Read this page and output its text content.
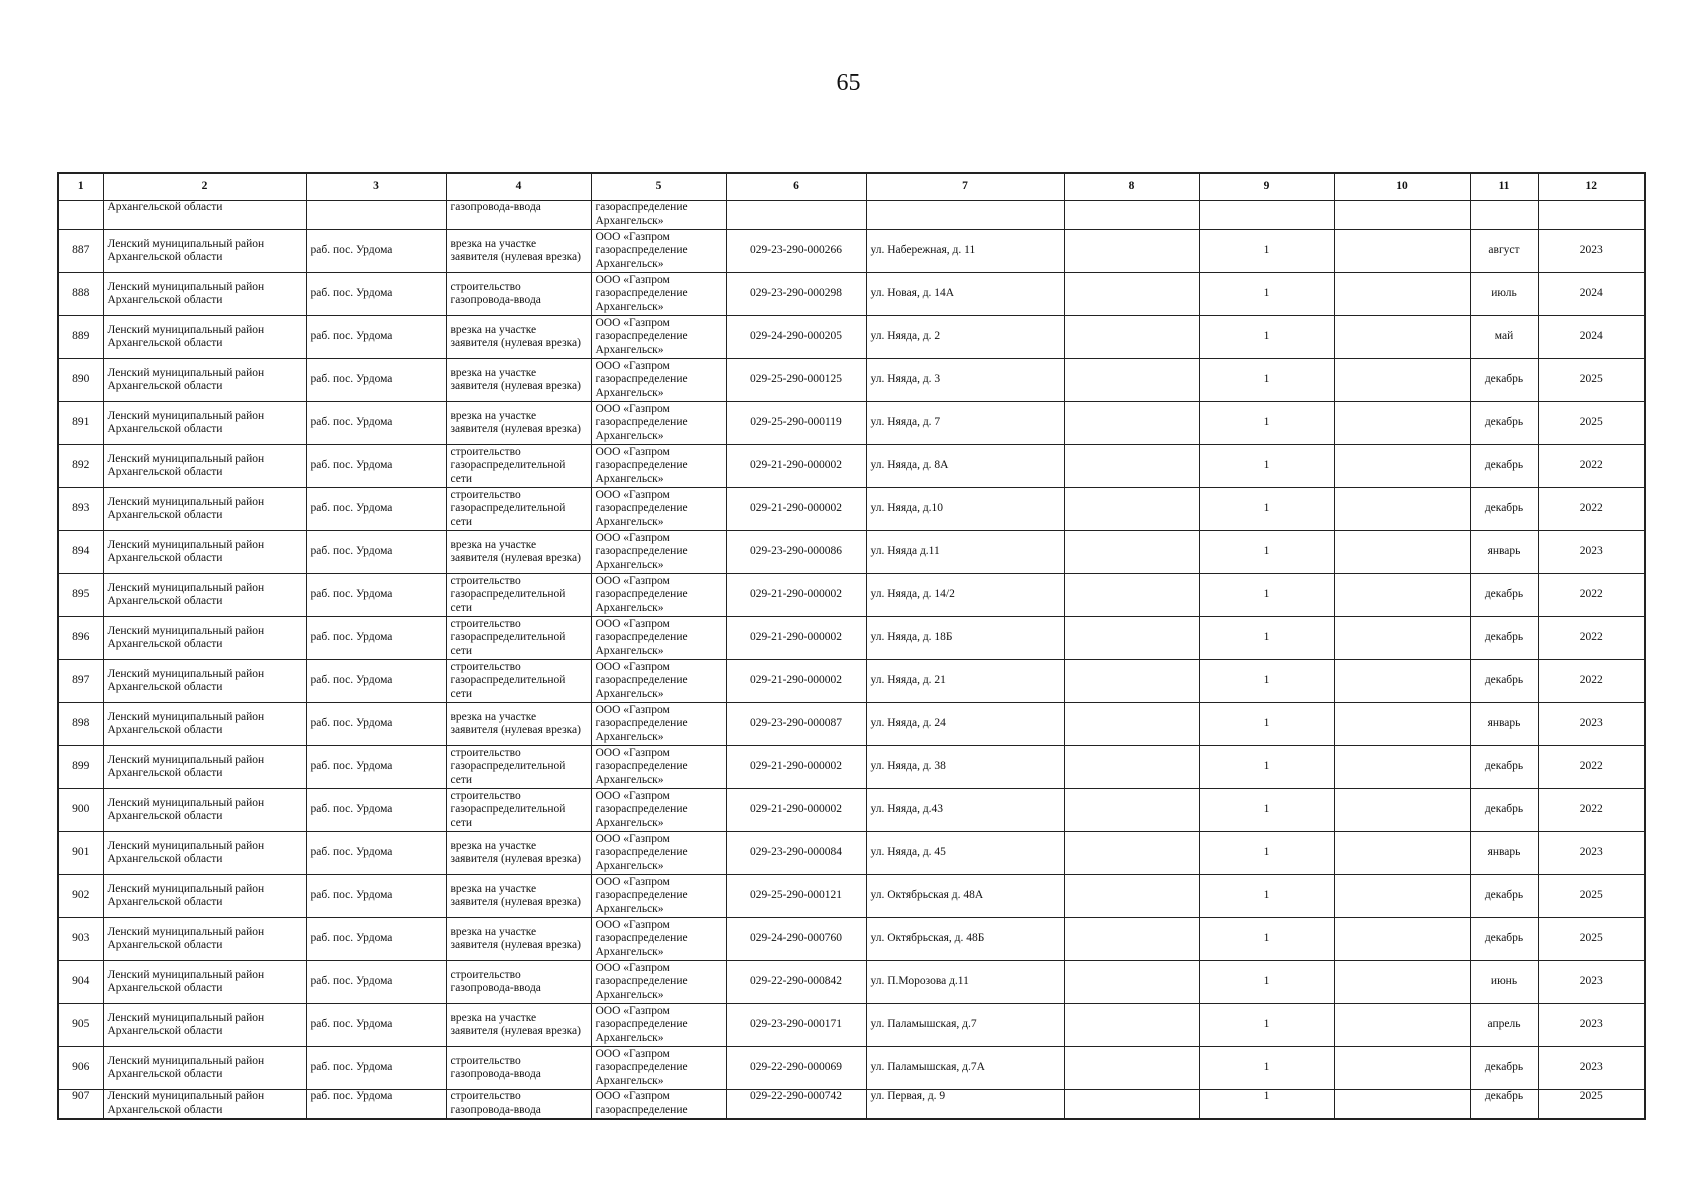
65
1	2	3	4	5	6	7	8	9	10	11	12
	Архангельской области		газопровода-ввода	газораспределение Архангельск»							
887	Ленский муниципальный район Архангельской области	раб. пос. Урдома	врезка на участке заявителя (нулевая врезка)	ООО «Газпром газораспределение Архангельск»	029-23-290-000266	ул. Набережная, д. 11		1		август	2023
888	Ленский муниципальный район Архангельской области	раб. пос. Урдома	строительство газопровода-ввода	ООО «Газпром газораспределение Архангельск»	029-23-290-000298	ул. Новая, д. 14А		1		июль	2024
889	Ленский муниципальный район Архангельской области	раб. пос. Урдома	врезка на участке заявителя (нулевая врезка)	ООО «Газпром газораспределение Архангельск»	029-24-290-000205	ул. Няяда, д. 2		1		май	2024
890	Ленский муниципальный район Архангельской области	раб. пос. Урдома	врезка на участке заявителя (нулевая врезка)	ООО «Газпром газораспределение Архангельск»	029-25-290-000125	ул. Няяда, д. 3		1		декабрь	2025
891	Ленский муниципальный район Архангельской области	раб. пос. Урдома	врезка на участке заявителя (нулевая врезка)	ООО «Газпром газораспределение Архангельск»	029-25-290-000119	ул. Няяда, д. 7		1		декабрь	2025
892	Ленский муниципальный район Архангельской области	раб. пос. Урдома	строительство газораспределительной сети	ООО «Газпром газораспределение Архангельск»	029-21-290-000002	ул. Няяда, д. 8А		1		декабрь	2022
893	Ленский муниципальный район Архангельской области	раб. пос. Урдома	строительство газораспределительной сети	ООО «Газпром газораспределение Архангельск»	029-21-290-000002	ул. Няяда, д.10		1		декабрь	2022
894	Ленский муниципальный район Архангельской области	раб. пос. Урдома	врезка на участке заявителя (нулевая врезка)	ООО «Газпром газораспределение Архангельск»	029-23-290-000086	ул. Няяда д.11		1		январь	2023
895	Ленский муниципальный район Архангельской области	раб. пос. Урдома	строительство газораспределительной сети	ООО «Газпром газораспределение Архангельск»	029-21-290-000002	ул. Няяда, д. 14/2		1		декабрь	2022
896	Ленский муниципальный район Архангельской области	раб. пос. Урдома	строительство газораспределительной сети	ООО «Газпром газораспределение Архангельск»	029-21-290-000002	ул. Няяда, д. 18Б		1		декабрь	2022
897	Ленский муниципальный район Архангельской области	раб. пос. Урдома	строительство газораспределительной сети	ООО «Газпром газораспределение Архангельск»	029-21-290-000002	ул. Няяда, д. 21		1		декабрь	2022
898	Ленский муниципальный район Архангельской области	раб. пос. Урдома	врезка на участке заявителя (нулевая врезка)	ООО «Газпром газораспределение Архангельск»	029-23-290-000087	ул. Няяда, д. 24		1		январь	2023
899	Ленский муниципальный район Архангельской области	раб. пос. Урдома	строительство газораспределительной сети	ООО «Газпром газораспределение Архангельск»	029-21-290-000002	ул. Няяда, д. 38		1		декабрь	2022
900	Ленский муниципальный район Архангельской области	раб. пос. Урдома	строительство газораспределительной сети	ООО «Газпром газораспределение Архангельск»	029-21-290-000002	ул. Няяда, д.43		1		декабрь	2022
901	Ленский муниципальный район Архангельской области	раб. пос. Урдома	врезка на участке заявителя (нулевая врезка)	ООО «Газпром газораспределение Архангельск»	029-23-290-000084	ул. Няяда, д. 45		1		январь	2023
902	Ленский муниципальный район Архангельской области	раб. пос. Урдома	врезка на участке заявителя (нулевая врезка)	ООО «Газпром газораспределение Архангельск»	029-25-290-000121	ул. Октябрьская д. 48А		1		декабрь	2025
903	Ленский муниципальный район Архангельской области	раб. пос. Урдома	врезка на участке заявителя (нулевая врезка)	ООО «Газпром газораспределение Архангельск»	029-24-290-000760	ул. Октябрьская, д. 48Б		1		декабрь	2025
904	Ленский муниципальный район Архангельской области	раб. пос. Урдома	строительство газопровода-ввода	ООО «Газпром газораспределение Архангельск»	029-22-290-000842	ул. П.Морозова д.11		1		июнь	2023
905	Ленский муниципальный район Архангельской области	раб. пос. Урдома	врезка на участке заявителя (нулевая врезка)	ООО «Газпром газораспределение Архангельск»	029-23-290-000171	ул. Паламышская, д.7		1		апрель	2023
906	Ленский муниципальный район Архангельской области	раб. пос. Урдома	строительство газопровода-ввода	ООО «Газпром газораспределение Архангельск»	029-22-290-000069	ул. Паламышская, д.7А		1		декабрь	2023
907	Ленский муниципальный район Архангельской области	раб. пос. Урдома	строительство газопровода-ввода	ООО «Газпром газораспределение	029-22-290-000742	ул. Первая, д. 9		1		декабрь	2025
